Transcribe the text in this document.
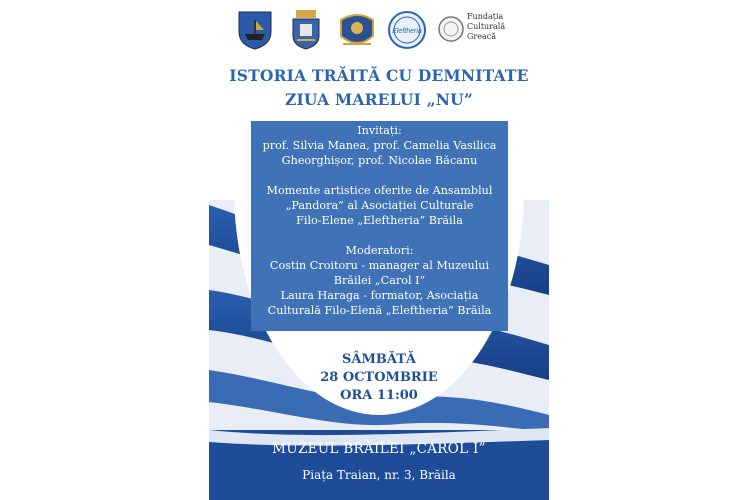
Eleftheria
Fundația
Culturală
Greacă
ISTORIA TRĂITĂ CU DEMNITATE
ZIUA MARELUI „NU”
Invitați:
prof. Silvia Manea, prof. Camelia Vasilica
Gheorghișor, prof. Nicolae Băcanu
Momente artistice oferite de Ansamblul
„Pandora” al Asociației Culturale
Filo-Elene „Eleftheria” Brăila
Moderatori:
Costin Croitoru - manager al Muzeului
Brăilei „Carol I”
Laura Haraga - formator, Asociația
Culturală Filo-Elenă „Eleftheria” Brăila
SÂMBĂTĂ
28 OCTOMBRIE
ORA 11:00
MUZEUL BRĂILEI „CAROL I”
Piața Traian, nr. 3, Brăila
